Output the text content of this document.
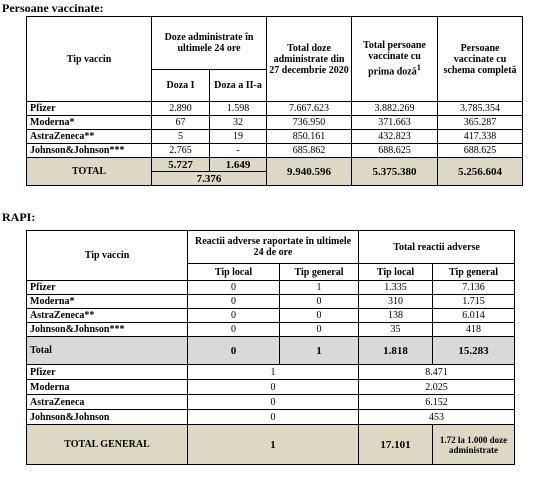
Persoane vaccinate:
Tip vaccin	Doze administrate în ultimele 24 ore		Total doze administrate din 27 decembrie 2020	Total persoane vaccinate cu prima doză$^1$	Persoane vaccinate cu schema completă
	Doza I	Doza a II-a			
Pfizer	2.890	1.598	7.667.623	3.882.269	3.785.354
Moderna*	67	32	736.950	371.663	365.287
AstraZeneca**	5	19	850.161	432.823	417.338
Johnson&Johnson***	2.765	-	685.862	688.625	688.625
TOTAL	5.727	1.649	9.940.596	5.375.380	5.256.604
	7.376				
RAPI:
Tip vaccin	Reactii adverse raportate în ultimele 24 de ore		Total reactii adverse	
	Tip local	Tip general	Tip local	Tip general
Pfizer	0	1	1.335	7.136
Moderna*	0	0	310	1.715
AstraZeneca**	0	0	138	6.014
Johnson&Johnson***	0	0	35	418
Total	0	1	1.818	15.283
Pfizer	1		8.471	
Moderna	0		2.025	
AstraZeneca	0		6.152	
Johnson&Johnson	0		453	
TOTAL GENERAL	1		17.101	1.72 la 1.000 doze administrate
